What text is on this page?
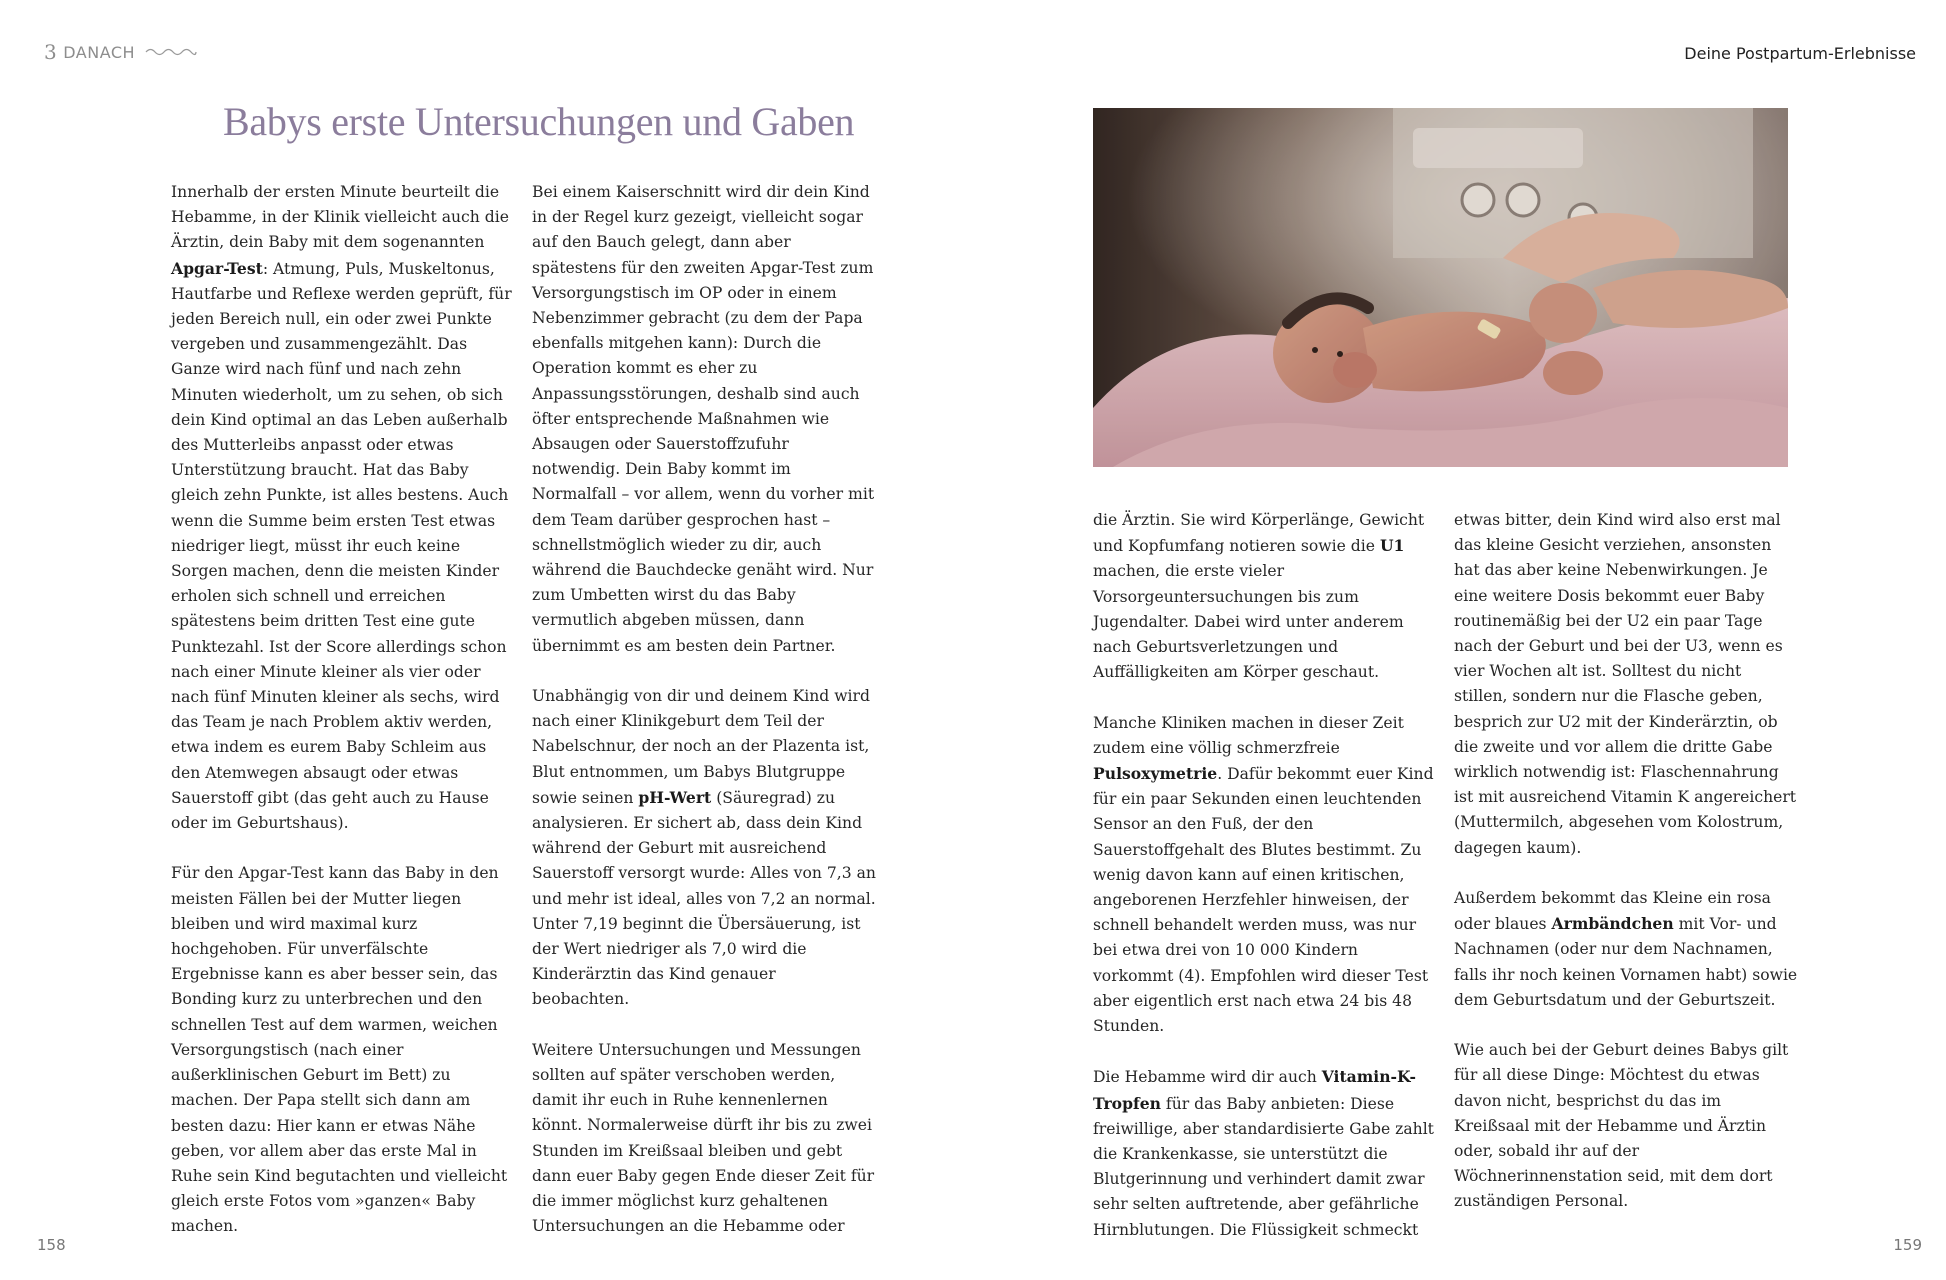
3 DANACH	Deine Postpartum-Erlebnisse
Babys erste Untersuchungen und Gaben

Innerhalb der ersten Minute beurteilt die Hebamme, in der Klinik vielleicht auch die Ärztin, dein Baby mit dem sogenannten Apgar-Test: Atmung, Puls, Muskeltonus, Hautfarbe und Reflexe werden geprüft, für jeden Bereich null, ein oder zwei Punkte vergeben und zusammengezählt. Das Ganze wird nach fünf und nach zehn Minuten wiederholt, um zu sehen, ob sich dein Kind optimal an das Leben außerhalb des Mutterleibs anpasst oder etwas Unterstützung braucht. Hat das Baby gleich zehn Punkte, ist alles bestens. Auch wenn die Summe beim ersten Test etwas niedriger liegt, müsst ihr euch keine Sorgen machen, denn die meisten Kinder erholen sich schnell und erreichen spätestens beim dritten Test eine gute Punktezahl. Ist der Score allerdings schon nach einer Minute kleiner als vier oder nach fünf Minuten kleiner als sechs, wird das Team je nach Problem aktiv werden, etwa indem es eurem Baby Schleim aus den Atemwegen absaugt oder etwas Sauerstoff gibt (das geht auch zu Hause oder im Geburtshaus).

Für den Apgar-Test kann das Baby in den meisten Fällen bei der Mutter liegen bleiben und wird maximal kurz hochgehoben. Für unverfälschte Ergebnisse kann es aber besser sein, das Bonding kurz zu unterbrechen und den schnellen Test auf dem warmen, weichen Versorgungstisch (nach einer außerklinischen Geburt im Bett) zu machen. Der Papa stellt sich dann am besten dazu: Hier kann er etwas Nähe geben, vor allem aber das erste Mal in Ruhe sein Kind begutachten und vielleicht gleich erste Fotos vom »ganzen« Baby machen.

Bei einem Kaiserschnitt wird dir dein Kind in der Regel kurz gezeigt, vielleicht sogar auf den Bauch gelegt, dann aber spätestens für den zweiten Apgar-Test zum Versorgungstisch im OP oder in einem Nebenzimmer gebracht (zu dem der Papa ebenfalls mitgehen kann): Durch die Operation kommt es eher zu Anpassungsstörungen, deshalb sind auch öfter entsprechende Maßnahmen wie Absaugen oder Sauerstoffzufuhr notwendig. Dein Baby kommt im Normalfall – vor allem, wenn du vorher mit dem Team darüber gesprochen hast – schnellstmöglich wieder zu dir, auch während die Bauchdecke genäht wird. Nur zum Umbetten wirst du das Baby vermutlich abgeben müssen, dann übernimmt es am besten dein Partner.

Unabhängig von dir und deinem Kind wird nach einer Klinikgeburt dem Teil der Nabelschnur, der noch an der Plazenta ist, Blut entnommen, um Babys Blutgruppe sowie seinen pH-Wert (Säuregrad) zu analysieren. Er sichert ab, dass dein Kind während der Geburt mit ausreichend Sauerstoff versorgt wurde: Alles von 7,3 an und mehr ist ideal, alles von 7,2 an normal. Unter 7,19 beginnt die Übersäuerung, ist der Wert niedriger als 7,0 wird die Kinderärztin das Kind genauer beobachten.

Weitere Untersuchungen und Messungen sollten auf später verschoben werden, damit ihr euch in Ruhe kennenlernen könnt. Normalerweise dürft ihr bis zu zwei Stunden im Kreißsaal bleiben und gebt dann euer Baby gegen Ende dieser Zeit für die immer möglichst kurz gehaltenen Untersuchungen an die Hebamme oder

die Ärztin. Sie wird Körperlänge, Gewicht und Kopfumfang notieren sowie die U1 machen, die erste vieler Vorsorgeuntersuchungen bis zum Jugendalter. Dabei wird unter anderem nach Geburtsverletzungen und Auffälligkeiten am Körper geschaut.

Manche Kliniken machen in dieser Zeit zudem eine völlig schmerzfreie Pulsoxymetrie. Dafür bekommt euer Kind für ein paar Sekunden einen leuchtenden Sensor an den Fuß, der den Sauerstoffgehalt des Blutes bestimmt. Zu wenig davon kann auf einen kritischen, angeborenen Herzfehler hinweisen, der schnell behandelt werden muss, was nur bei etwa drei von 10 000 Kindern vorkommt (4). Empfohlen wird dieser Test aber eigentlich erst nach etwa 24 bis 48 Stunden.

Die Hebamme wird dir auch Vitamin-K-Tropfen für das Baby anbieten: Diese freiwillige, aber standardisierte Gabe zahlt die Krankenkasse, sie unterstützt die Blutgerinnung und verhindert damit zwar sehr selten auftretende, aber gefährliche Hirnblutungen. Die Flüssigkeit schmeckt

etwas bitter, dein Kind wird also erst mal das kleine Gesicht verziehen, ansonsten hat das aber keine Nebenwirkungen. Je eine weitere Dosis bekommt euer Baby routinemäßig bei der U2 ein paar Tage nach der Geburt und bei der U3, wenn es vier Wochen alt ist. Solltest du nicht stillen, sondern nur die Flasche geben, besprich zur U2 mit der Kinderärztin, ob die zweite und vor allem die dritte Gabe wirklich notwendig ist: Flaschennahrung ist mit ausreichend Vitamin K angereichert (Muttermilch, abgesehen vom Kolostrum, dagegen kaum).

Außerdem bekommt das Kleine ein rosa oder blaues Armbändchen mit Vor- und Nachnamen (oder nur dem Nachnamen, falls ihr noch keinen Vornamen habt) sowie dem Geburtsdatum und der Geburtszeit.

Wie auch bei der Geburt deines Babys gilt für all diese Dinge: Möchtest du etwas davon nicht, besprichst du das im Kreißsaal mit der Hebamme und Ärztin oder, sobald ihr auf der Wöchnerinnenstation seid, mit dem dort zuständigen Personal.

158	159
